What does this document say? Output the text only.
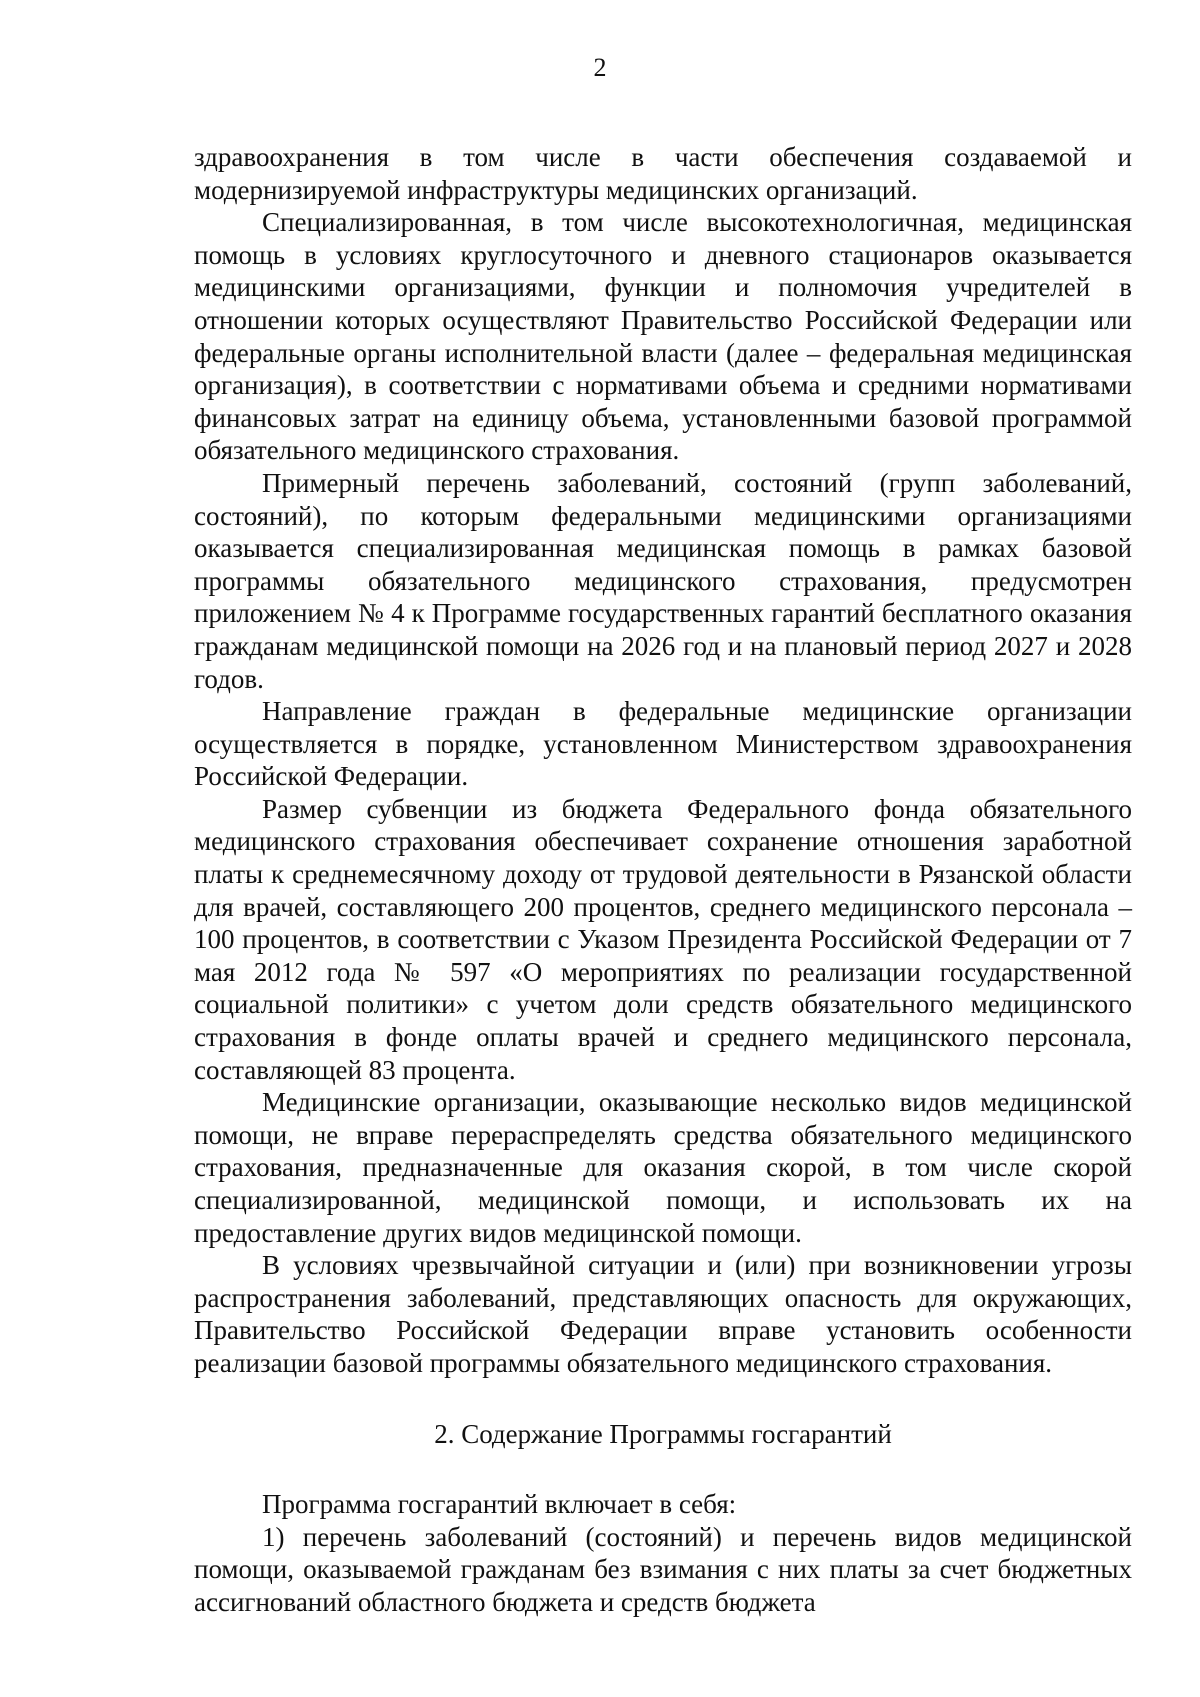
2

здравоохранения в том числе в части обеспечения создаваемой и модернизируемой инфраструктуры медицинских организаций.

Специализированная, в том числе высокотехнологичная, медицинская помощь в условиях круглосуточного и дневного стационаров оказывается медицинскими организациями, функции и полномочия учредителей в отношении которых осуществляют Правительство Российской Федерации или федеральные органы исполнительной власти (далее – федеральная медицинская организация), в соответствии с нормативами объема и средними нормативами финансовых затрат на единицу объема, установленными базовой программой обязательного медицинского страхования.

Примерный перечень заболеваний, состояний (групп заболеваний, состояний), по которым федеральными медицинскими организациями оказывается специализированная медицинская помощь в рамках базовой программы обязательного медицинского страхования, предусмотрен приложением № 4 к Программе государственных гарантий бесплатного оказания гражданам медицинской помощи на 2026 год и на плановый период 2027 и 2028 годов.

Направление граждан в федеральные медицинские организации осуществляется в порядке, установленном Министерством здравоохранения Российской Федерации.

Размер субвенции из бюджета Федерального фонда обязательного медицинского страхования обеспечивает сохранение отношения заработной платы к среднемесячному доходу от трудовой деятельности в Рязанской области для врачей, составляющего 200 процентов, среднего медицинского персонала – 100 процентов, в соответствии с Указом Президента Российской Федерации от 7 мая 2012 года № 597 «О мероприятиях по реализации государственной социальной политики» с учетом доли средств обязательного медицинского страхования в фонде оплаты врачей и среднего медицинского персонала, составляющей 83 процента.

Медицинские организации, оказывающие несколько видов медицинской помощи, не вправе перераспределять средства обязательного медицинского страхования, предназначенные для оказания скорой, в том числе скорой специализированной, медицинской помощи, и использовать их на предоставление других видов медицинской помощи.

В условиях чрезвычайной ситуации и (или) при возникновении угрозы распространения заболеваний, представляющих опасность для окружающих, Правительство Российской Федерации вправе установить особенности реализации базовой программы обязательного медицинского страхования.

2. Содержание Программы госгарантий

Программа госгарантий включает в себя:

1) перечень заболеваний (состояний) и перечень видов медицинской помощи, оказываемой гражданам без взимания с них платы за счет бюджетных ассигнований областного бюджета и средств бюджета
